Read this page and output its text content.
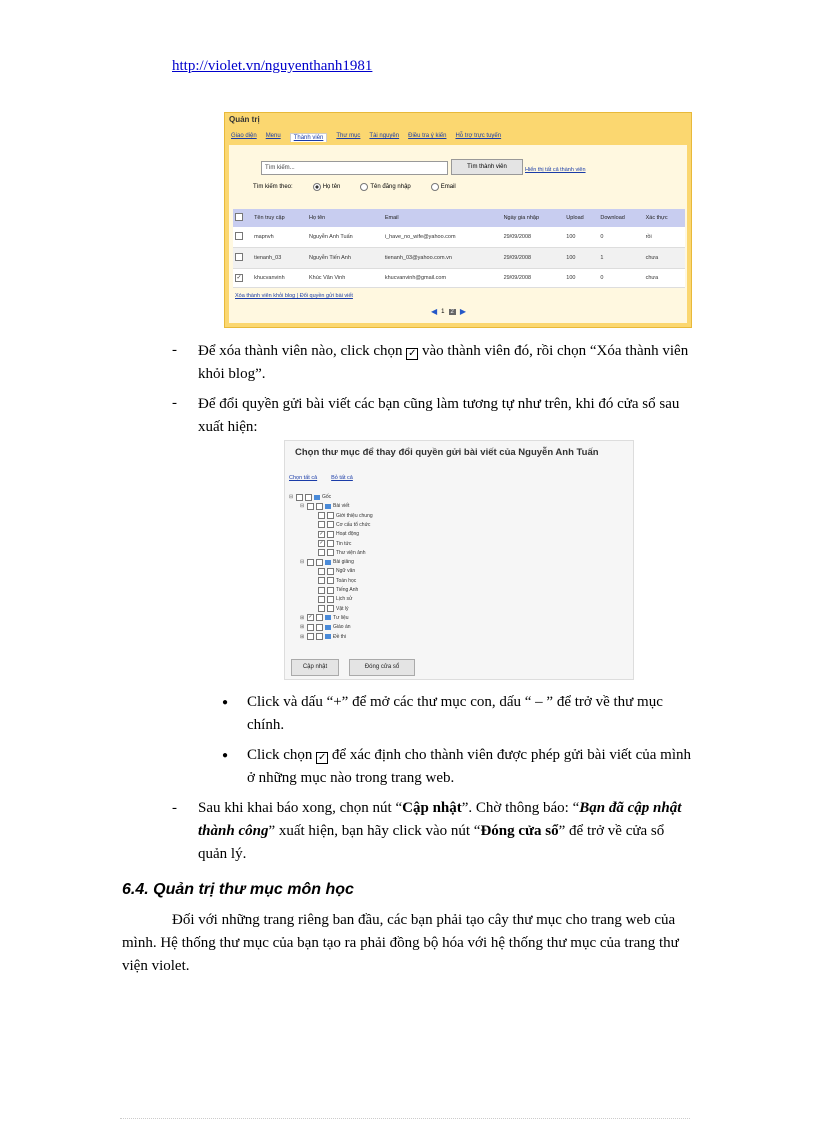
http://violet.vn/nguyenthanh1981
Quản trị
Giao diện Menu	Thành viên	Thư mục Tài nguyên Điều tra ý kiến Hỗ trợ trực tuyến
Tìm kiếm...	Tìm thành viên	Hiển thị tất cả thành viên
Tìm kiếm theo:	Họ tên	Tên đăng nhập	Email
	Tên truy cập	Họ tên	Email	Ngày gia nhập	Upload	Download	Xác thực
	mapnvh	Nguyễn Anh Tuấn	i_have_no_wife@yahoo.com	29/09/2008	100	0	rồi
	tienanh_03	Nguyễn Tiến Anh	tienanh_03@yahoo.com.vn	29/09/2008	100	1	chưa
✓	khucvanvinh	Khúc Văn Vinh	khucvanvinh@gmail.com	29/09/2008	100	0	chưa
Xóa thành viên khỏi blog | Đổi quyền gửi bài viết
◀ 1	2 ▶
- Để xóa thành viên nào, click chọn ✓ vào thành viên đó, rồi chọn “Xóa thành viên
khỏi blog”.
- Để đổi quyền gửi bài viết các bạn cũng làm tương tự như trên, khi đó cửa sổ sau
xuất hiện:
Chọn thư mục để thay đổi quyền gửi bài viết của Nguyễn Anh Tuấn
Chọn tất cả	Bỏ tất cả
⊟	Gốc
⊟	Bài viết
Giới thiệu chung
Cơ cấu tổ chức
✓ Hoạt động
✓ Tin tức
Thư viện ảnh
⊟	Bài giảng
Ngữ văn
Toán học
Tiếng Anh
Lịch sử
Vật lý
⊞ ✓	Tư liệu
⊞	Giáo án
⊞	Đề thi
Cập nhật	Đóng cửa sổ
● Click và dấu “+” để mở các thư mục con, dấu “ – ” để trở về thư mục
chính.
● Click chọn ✓ để xác định cho thành viên được phép gửi bài viết của mình
ở những mục nào trong trang web.
- Sau khi khai báo xong, chọn nút “Cập nhật”. Chờ thông báo: “Bạn đã cập nhật
thành công” xuất hiện, bạn hãy click vào nút “Đóng cửa sổ” để trở về cửa sổ
quản lý.
6.4. Quản trị thư mục môn học
Đối với những trang riêng ban đầu, các bạn phải tạo cây thư mục cho trang web của
mình. Hệ thống thư mục của bạn tạo ra phải đồng bộ hóa với hệ thống thư mục của trang thư
viện violet.
